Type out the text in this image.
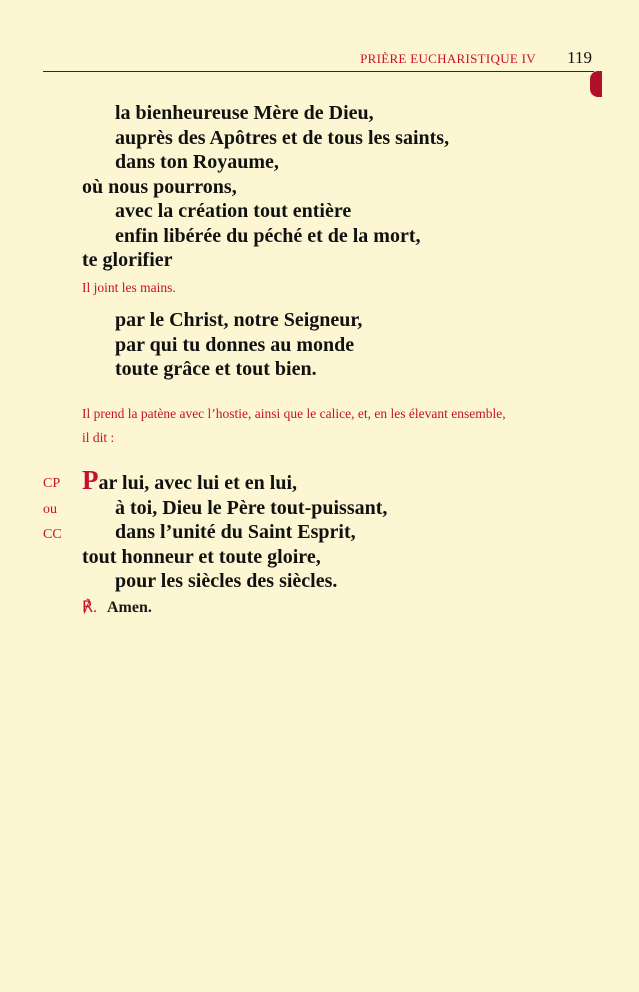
PRIÈRE EUCHARISTIQUE IV 119
la bienheureuse Mère de Dieu,
auprès des Apôtres et de tous les saints,
dans ton Royaume,
où nous pourrons,
avec la création tout entière
enfin libérée du péché et de la mort,
te glorifier
Il joint les mains.
par le Christ, notre Seigneur,
par qui tu donnes au monde
toute grâce et tout bien.
Il prend la patène avec l’hostie, ainsi que le calice, et, en les élevant ensemble,
il dit :
CP
ou
CC
Par lui, avec lui et en lui,
à toi, Dieu le Père tout-puissant,
dans l’unité du Saint Esprit,
tout honneur et toute gloire,
pour les siècles des siècles.
℟. Amen.
